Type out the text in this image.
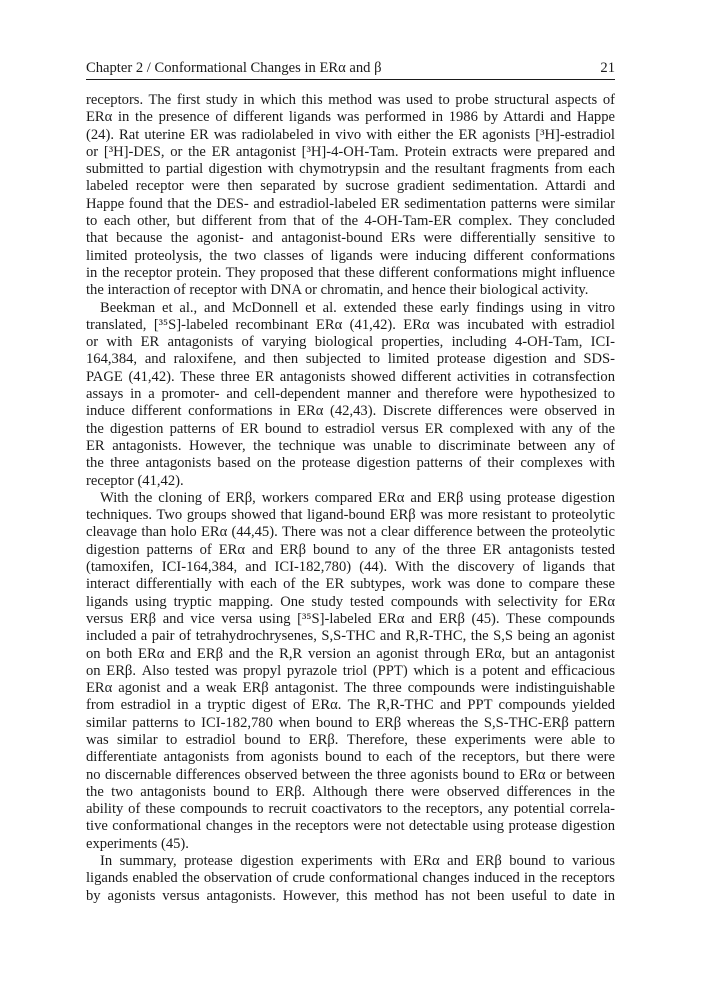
Chapter 2 / Conformational Changes in ERα and β	21
receptors. The first study in which this method was used to probe structural aspects of
ERα in the presence of different ligands was performed in 1986 by Attardi and Happe
(24). Rat uterine ER was radiolabeled in vivo with either the ER agonists [³H]-estradiol
or [³H]-DES, or the ER antagonist [³H]-4-OH-Tam. Protein extracts were prepared and
submitted to partial digestion with chymotrypsin and the resultant fragments from each
labeled receptor were then separated by sucrose gradient sedimentation. Attardi and
Happe found that the DES- and estradiol-labeled ER sedimentation patterns were similar
to each other, but different from that of the 4-OH-Tam-ER complex. They concluded
that because the agonist- and antagonist-bound ERs were differentially sensitive to
limited proteolysis, the two classes of ligands were inducing different conformations
in the receptor protein. They proposed that these different conformations might influence
the interaction of receptor with DNA or chromatin, and hence their biological activity.
Beekman et al., and McDonnell et al. extended these early findings using in vitro
translated, [³⁵S]-labeled recombinant ERα (41,42). ERα was incubated with estradiol
or with ER antagonists of varying biological properties, including 4-OH-Tam, ICI-
164,384, and raloxifene, and then subjected to limited protease digestion and SDS-
PAGE (41,42). These three ER antagonists showed different activities in cotransfection
assays in a promoter- and cell-dependent manner and therefore were hypothesized to
induce different conformations in ERα (42,43). Discrete differences were observed in
the digestion patterns of ER bound to estradiol versus ER complexed with any of the
ER antagonists. However, the technique was unable to discriminate between any of
the three antagonists based on the protease digestion patterns of their complexes with
receptor (41,42).
With the cloning of ERβ, workers compared ERα and ERβ using protease digestion
techniques. Two groups showed that ligand-bound ERβ was more resistant to proteolytic
cleavage than holo ERα (44,45). There was not a clear difference between the proteolytic
digestion patterns of ERα and ERβ bound to any of the three ER antagonists tested
(tamoxifen, ICI-164,384, and ICI-182,780) (44). With the discovery of ligands that
interact differentially with each of the ER subtypes, work was done to compare these
ligands using tryptic mapping. One study tested compounds with selectivity for ERα
versus ERβ and vice versa using [³⁵S]-labeled ERα and ERβ (45). These compounds
included a pair of tetrahydrochrysenes, S,S-THC and R,R-THC, the S,S being an agonist
on both ERα and ERβ and the R,R version an agonist through ERα, but an antagonist
on ERβ. Also tested was propyl pyrazole triol (PPT) which is a potent and efficacious
ERα agonist and a weak ERβ antagonist. The three compounds were indistinguishable
from estradiol in a tryptic digest of ERα. The R,R-THC and PPT compounds yielded
similar patterns to ICI-182,780 when bound to ERβ whereas the S,S-THC-ERβ pattern
was similar to estradiol bound to ERβ. Therefore, these experiments were able to
differentiate antagonists from agonists bound to each of the receptors, but there were
no discernable differences observed between the three agonists bound to ERα or between
the two antagonists bound to ERβ. Although there were observed differences in the
ability of these compounds to recruit coactivators to the receptors, any potential correla-
tive conformational changes in the receptors were not detectable using protease digestion
experiments (45).
In summary, protease digestion experiments with ERα and ERβ bound to various
ligands enabled the observation of crude conformational changes induced in the receptors
by agonists versus antagonists. However, this method has not been useful to date in
